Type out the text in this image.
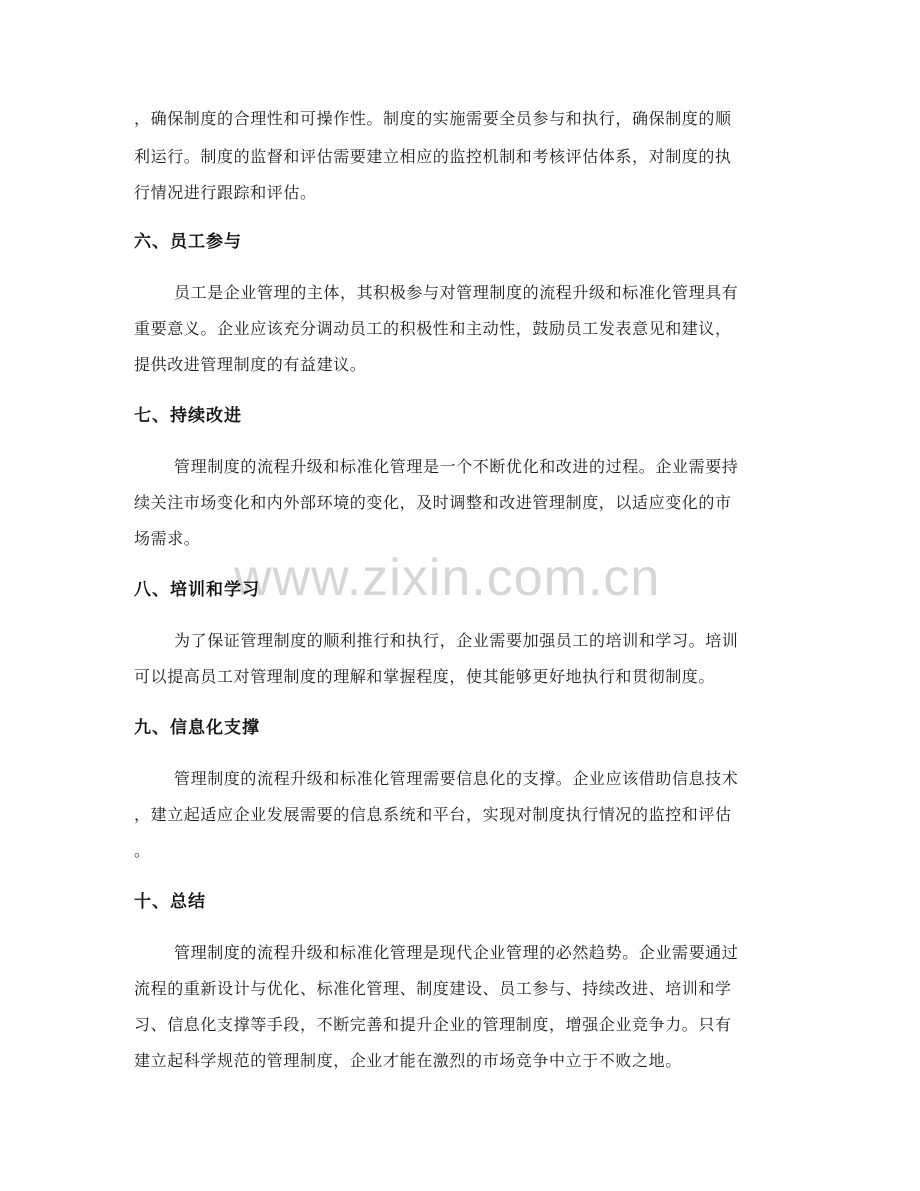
www.zixin.com.cn
，确保制度的合理性和可操作性。制度的实施需要全员参与和执行，确保制度的顺
利运行。制度的监督和评估需要建立相应的监控机制和考核评估体系，对制度的执
行情况进行跟踪和评估。
六、员工参与
员工是企业管理的主体，其积极参与对管理制度的流程升级和标准化管理具有
重要意义。企业应该充分调动员工的积极性和主动性，鼓励员工发表意见和建议，
提供改进管理制度的有益建议。
七、持续改进
管理制度的流程升级和标准化管理是一个不断优化和改进的过程。企业需要持
续关注市场变化和内外部环境的变化，及时调整和改进管理制度，以适应变化的市
场需求。
八、培训和学习
为了保证管理制度的顺利推行和执行，企业需要加强员工的培训和学习。培训
可以提高员工对管理制度的理解和掌握程度，使其能够更好地执行和贯彻制度。
九、信息化支撑
管理制度的流程升级和标准化管理需要信息化的支撑。企业应该借助信息技术
，建立起适应企业发展需要的信息系统和平台，实现对制度执行情况的监控和评估
。
十、总结
管理制度的流程升级和标准化管理是现代企业管理的必然趋势。企业需要通过
流程的重新设计与优化、标准化管理、制度建设、员工参与、持续改进、培训和学
习、信息化支撑等手段，不断完善和提升企业的管理制度，增强企业竞争力。只有
建立起科学规范的管理制度，企业才能在激烈的市场竞争中立于不败之地。
